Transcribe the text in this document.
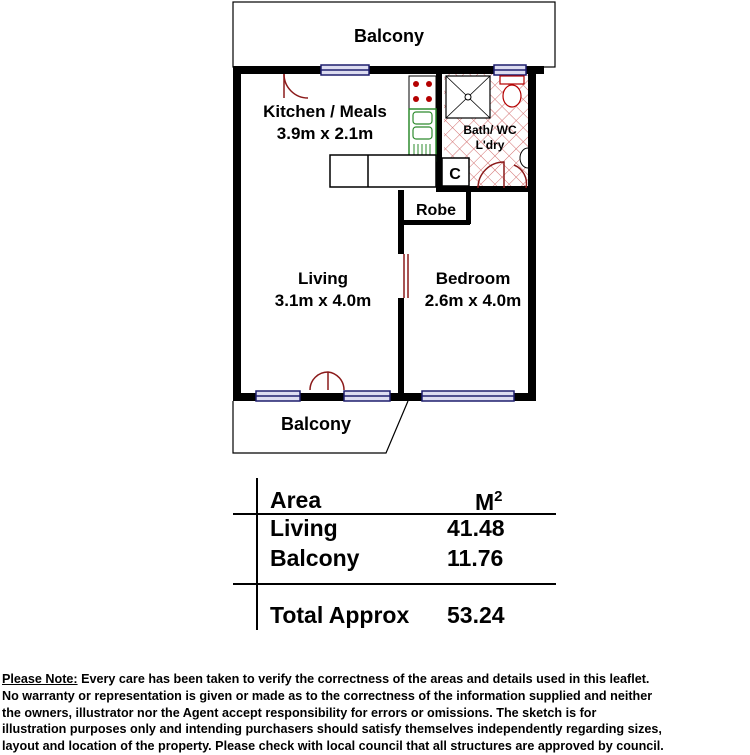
Balcony
C
Kitchen / Meals
3.9m x 2.1m	Bath/ WC
L'dry
Robe
Living
3.1m x 4.0m
Bedroom
2.6m x 4.0m
Balcony
Area	$M^2$
Living	41.48
Balcony	11.76
Total Approx 53.24
Please Note: Every care has been taken to verify the correctness of the areas and details used in this leaflet.
No warranty or representation is given or made as to the correctness of the information supplied and neither
the owners, illustrator nor the Agent accept responsibility for errors or omissions. The sketch is for
illustration purposes only and intending purchasers should satisfy themselves independently regarding sizes,
layout and location of the property. Please check with local council that all structures are approved by council.
